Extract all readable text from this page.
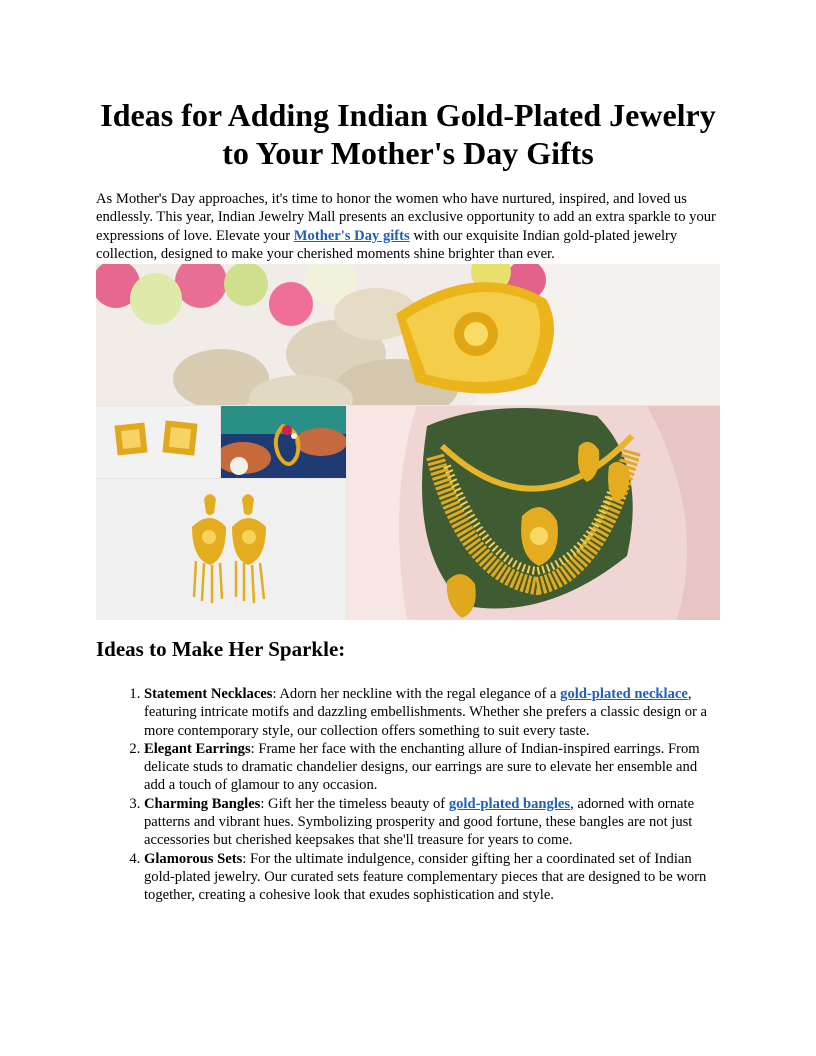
Ideas for Adding Indian Gold-Plated Jewelry to Your Mother's Day Gifts

As Mother's Day approaches, it's time to honor the women who have nurtured, inspired, and loved us endlessly. This year, Indian Jewelry Mall presents an exclusive opportunity to add an extra sparkle to your expressions of love. Elevate your Mother's Day gifts with our exquisite Indian gold-plated jewelry collection, designed to make your cherished moments shine brighter than ever.

Ideas to Make Her Sparkle:
1. Statement Necklaces: Adorn her neckline with the regal elegance of a gold-plated necklace, featuring intricate motifs and dazzling embellishments. Whether she prefers a classic design or a more contemporary style, our collection offers something to suit every taste.
2. Elegant Earrings: Frame her face with the enchanting allure of Indian-inspired earrings. From delicate studs to dramatic chandelier designs, our earrings are sure to elevate her ensemble and add a touch of glamour to any occasion.
3. Charming Bangles: Gift her the timeless beauty of gold-plated bangles, adorned with ornate patterns and vibrant hues. Symbolizing prosperity and good fortune, these bangles are not just accessories but cherished keepsakes that she'll treasure for years to come.
4. Glamorous Sets: For the ultimate indulgence, consider gifting her a coordinated set of Indian gold-plated jewelry. Our curated sets feature complementary pieces that are designed to be worn together, creating a cohesive look that exudes sophistication and style.
